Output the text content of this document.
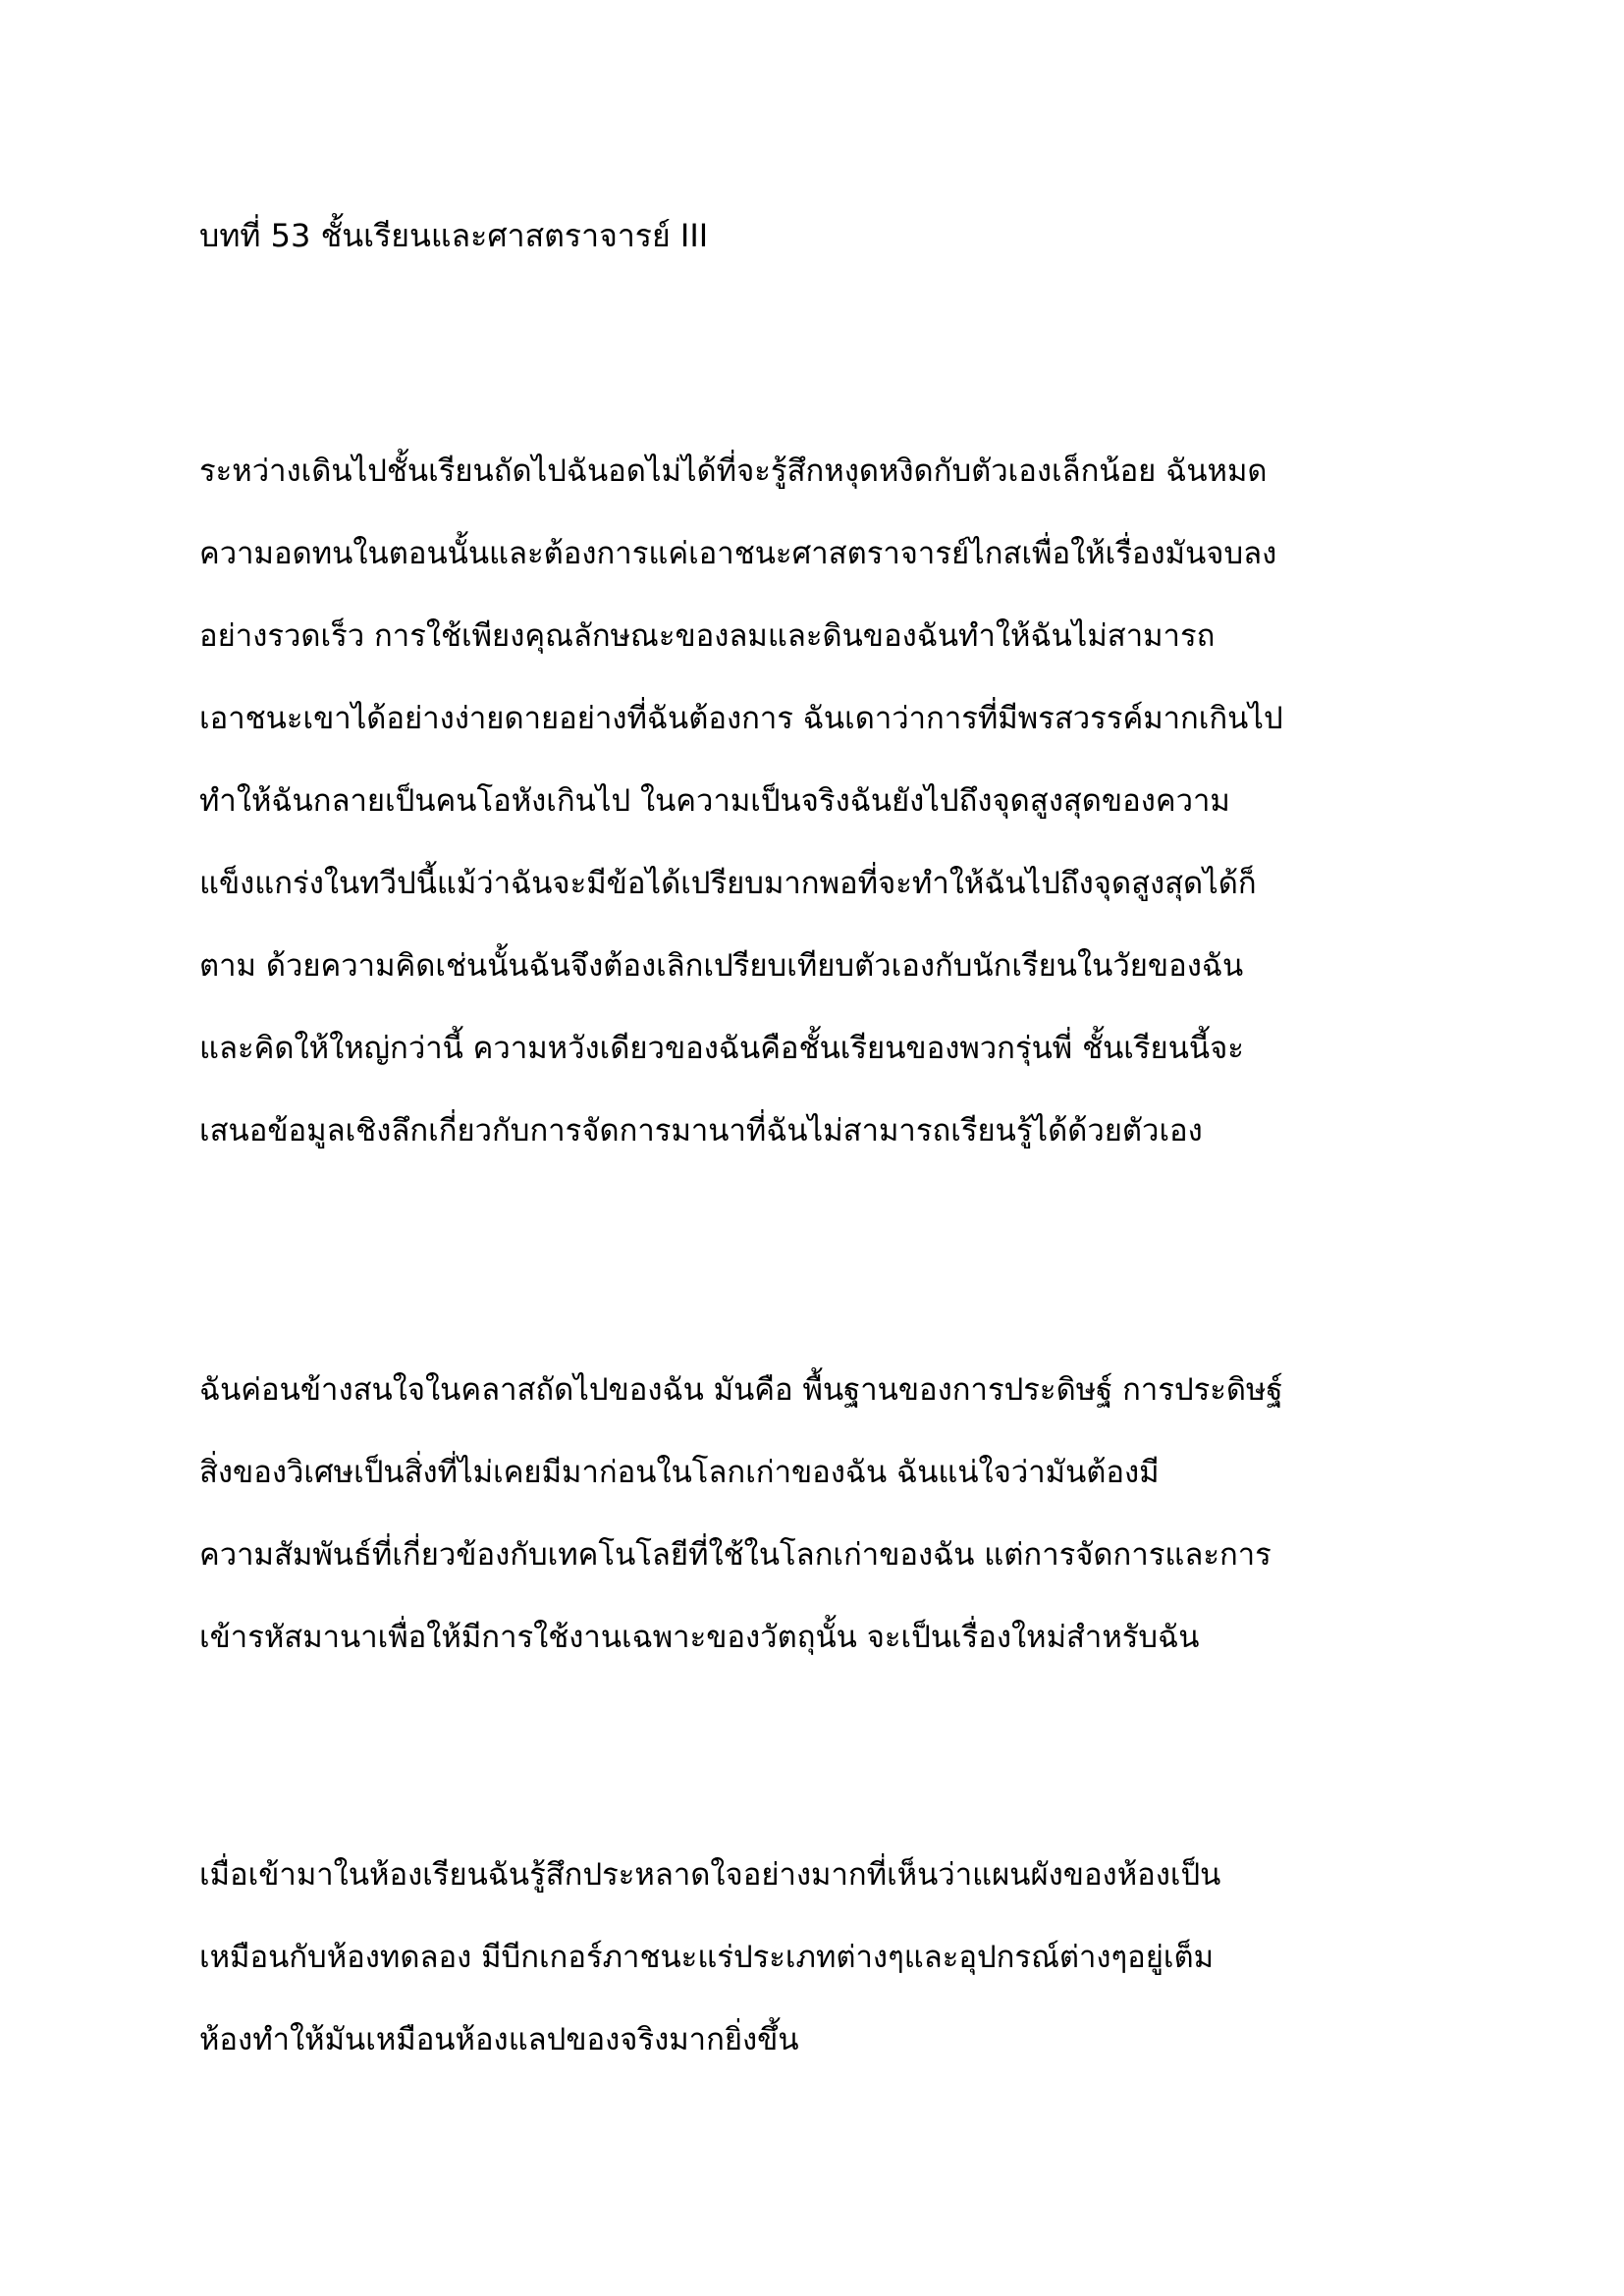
บทที่ 53 ชั้นเรียนและศาสตราจารย์ III
ระหว่างเดินไปชั้นเรียนถัดไปฉันอดไม่ได้ที่จะรู้สึกหงุดหงิดกับตัวเองเล็กน้อย ฉันหมด
ความอดทนในตอนนั้นและต้องการแค่เอาชนะศาสตราจารย์ไกสเพื่อให้เรื่องมันจบลง
อย่างรวดเร็ว การใช้เพียงคุณลักษณะของลมและดินของฉันทำให้ฉันไม่สามารถ
เอาชนะเขาได้อย่างง่ายดายอย่างที่ฉันต้องการ ฉันเดาว่าการที่มีพรสวรรค์มากเกินไป
ทำให้ฉันกลายเป็นคนโอหังเกินไป ในความเป็นจริงฉันยังไปถึงจุดสูงสุดของความ
แข็งแกร่งในทวีปนี้แม้ว่าฉันจะมีข้อได้เปรียบมากพอที่จะทำให้ฉันไปถึงจุดสูงสุดได้ก็
ตาม ด้วยความคิดเช่นนั้นฉันจึงต้องเลิกเปรียบเทียบตัวเองกับนักเรียนในวัยของฉัน
และคิดให้ใหญ่กว่านี้ ความหวังเดียวของฉันคือชั้นเรียนของพวกรุ่นพี่ ชั้นเรียนนี้จะ
เสนอข้อมูลเชิงลึกเกี่ยวกับการจัดการมานาที่ฉันไม่สามารถเรียนรู้ได้ด้วยตัวเอง
ฉันค่อนข้างสนใจในคลาสถัดไปของฉัน มันคือ พื้นฐานของการประดิษฐ์ การประดิษฐ์
สิ่งของวิเศษเป็นสิ่งที่ไม่เคยมีมาก่อนในโลกเก่าของฉัน ฉันแน่ใจว่ามันต้องมี
ความสัมพันธ์ที่เกี่ยวข้องกับเทคโนโลยีที่ใช้ในโลกเก่าของฉัน แต่การจัดการและการ
เข้ารหัสมานาเพื่อให้มีการใช้งานเฉพาะของวัตถุนั้น จะเป็นเรื่องใหม่สำหรับฉัน
เมื่อเข้ามาในห้องเรียนฉันรู้สึกประหลาดใจอย่างมากที่เห็นว่าแผนผังของห้องเป็น
เหมือนกับห้องทดลอง มีบีกเกอร์ภาชนะแร่ประเภทต่างๆและอุปกรณ์ต่างๆอยู่เต็ม
ห้องทำให้มันเหมือนห้องแลปของจริงมากยิ่งขึ้น
